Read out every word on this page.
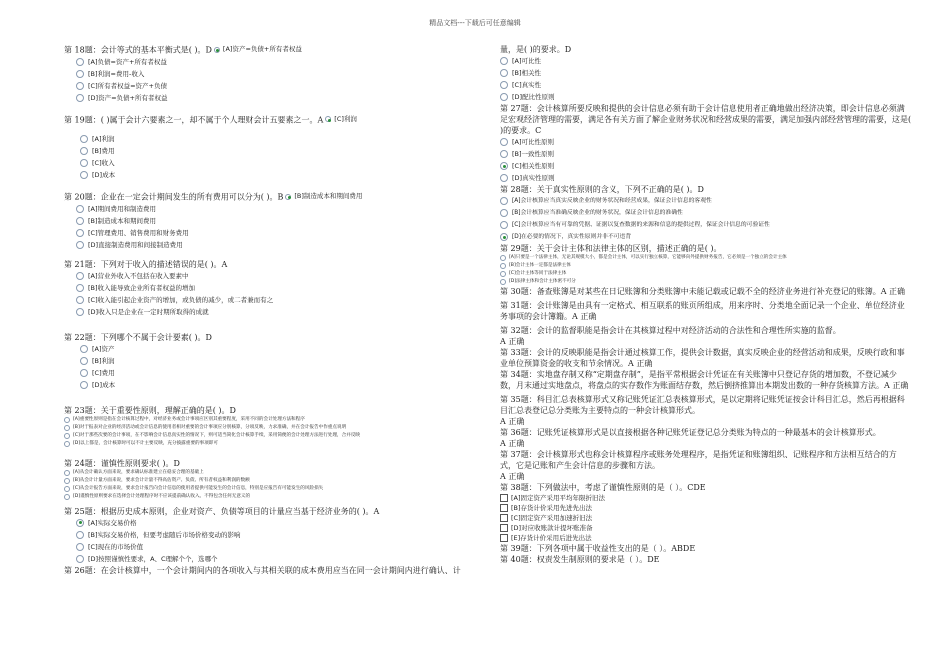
精品文档---下载后可任意编辑
第 18题：会计等式的基本平衡式是( )。D [A]资产=负债+所有者权益
[A]负债=资产+所有者权益
[B]利润=费用-收入
[C]所有者权益=资产+负债
[D]资产=负债+所有者权益
第 19题：( )属于会计六要素之一，却不属于个人理财会计五要素之一。A [C]利润
[A]利润
[B]费用
[C]收入
[D]成本
第 20题：企业在一定会计期间发生的所有费用可以分为( )。B [B]制造成本和期间费用
[A]期间费用和制造费用
[B]制造成本和期间费用
[C]管理费用、销售费用和财务费用
[D]直接制造费用和间接制造费用
第 21题：下列对于收入的描述错误的是( )。A
[A]营业外收入不包括在收入要素中
[B]收入能导致企业所有者权益的增加
[C]收入能引起企业资产的增加，或负债的减少，或二者兼而有之
[D]收入只是企业在一定时期所取得的成就
第 22题：下列哪个不属于会计要素( )。D
[A]资产
[B]利润
[C]费用
[D]成本
第 23题：关于重要性原则，理解正确的是( )。D
[A]重要性原则是指在会计核算过程中，对经济业务或会计事项应区别其重要程度，采用不同的会计处理方法和程序
[B]对于报表对企业的经济活动或会计信息的使用者相对重要的会计事项应分别核算，分项反映，力求准确，并在会计报告中作重点说明
[C]对于那些次要的会计事项，在不影响会计信息真实性的情况下，则可适当简化会计核算手续，采用简便的会计处理方法进行处理，合并反映
[D]以上都是，会计核算时可以不计主要反映，充分披露重要的事项即可
第 24题：谨慎性原则要求( )。D
[A]从会计确认方面来说，要求确认标准建立在稳妥合理的基础上
[B]从会计计量方面来说，要求会计计量不得高估资产、负债、所有者权益和利润的数额
[C]从会计报告方面来说，要求会计报告向会计信息的使用者提供可能发生的会计信息，特别是应报告有可能发生的风险损失
[D]谨慎性原则要求在选择会计处理程序时不应该提前确认收入、不得包含任何无意义的
第 25题：根据历史成本原则，企业对资产、负债等项目的计量应当基于经济业务的( )。A
[A]实际交易价格
[B]实际交易价格，但要考虑随后市场价格变动的影响
[C]现在的市场价值
[D]按照谨慎性要求，A、C理解个个，选哪个
第 26题：在会计核算中，一个会计期间内的各项收入与其相关联的成本费用应当在同一会计期间内进行确认、计
量，是( )的要求。D
[A]可比性
[B]相关性
[C]真实性
[D]配比性原则
第 27题：会计核算所要反映和提供的会计信息必须有助于会计信息使用者正确地做出经济决策，即会计信息必须满足宏观经济管理的需要，满足各有关方面了解企业财务状况和经营成果的需要，满足加强内部经营管理的需要，这是( )的要求。C
[A]可比性原则
[B]一致性原则
[C]相关性原则
[D]真实性原则
第 28题：关于真实性原则的含义，下列不正确的是( )。D
[A]会计核算应当真实反映企业的财务状况和经营成果，保证会计信息的客观性
[B]会计核算应当准确反映企业的财务状况，保证会计信息的准确性
[C]会计核算应当有可靠的凭据、证据以复查数据的来源和信息的提供过程，保证会计信息的可验证性
[D]在必要的情况下，真实性原则并非不可违背
第 29题：关于会计主体和法律主体的区别，描述正确的是( )。
[A]只要是一个法律主体，无论其规模大小，都是会计主体，可以实行独立核算，它能够向外提供财务报告，它必须是一个独立的会计主体
[B]会计主体一定都是法律主体
[C]会计主体等同于法律主体
[D]法律主体和会计主体密不可分
第 30题：备查账簿是对某些在日记账簿和分类账簿中未能记载或记载不全的经济业务进行补充登记的账簿。A 正确
第 31题：会计账簿是由具有一定格式、相互联系的账页所组成，用来序时、分类地全面记录一个企业、单位经济业务事项的会计簿籍。A 正确
第 32题：会计的监督职能是指会计在其核算过程中对经济活动的合法性和合理性所实施的监督。
A 正确
第 33题：会计的反映职能是指会计通过核算工作，提供会计数据，真实反映企业的经营活动和成果，反映行政和事业单位预算资金的收支和节余情况。A 正确
第 34题：实地盘存制又称“定期盘存制”，是指平常根据会计凭证在有关账簿中只登记存货的增加数，不登记减少数，月末通过实地盘点，将盘点的实存数作为账面结存数，然后倒挤推算出本期发出数的一种存货核算方法。A 正确
第 35题：科目汇总表核算形式又称记账凭证汇总表核算形式，是以定期将记账凭证按会计科目汇总，然后再根据科目汇总表登记总分类账为主要特点的一种会计核算形式。
A 正确
第 36题：记账凭证核算形式是以直接根据各种记账凭证登记总分类账为特点的一种最基本的会计核算形式。
A 正确
第 37题：会计核算形式也称会计核算程序或账务处理程序，是指凭证和账簿组织、记账程序和方法相互结合的方式，它是记账和产生会计信息的步骤和方法。
A 正确
第 38题：下列做法中，考虑了谨慎性原则的是（ ）。CDE
[A]固定资产采用平均年限折旧法
[B]存货计价采用先进先出法
[C]固定资产采用加速折旧法
[D]对应收账款计提坏账准备
[E]存货计价采用后进先出法
第 39题：下列各项中属于收益性支出的是（ ）。ABDE
第 40题：权责发生制原则的要求是（ ）。DE
